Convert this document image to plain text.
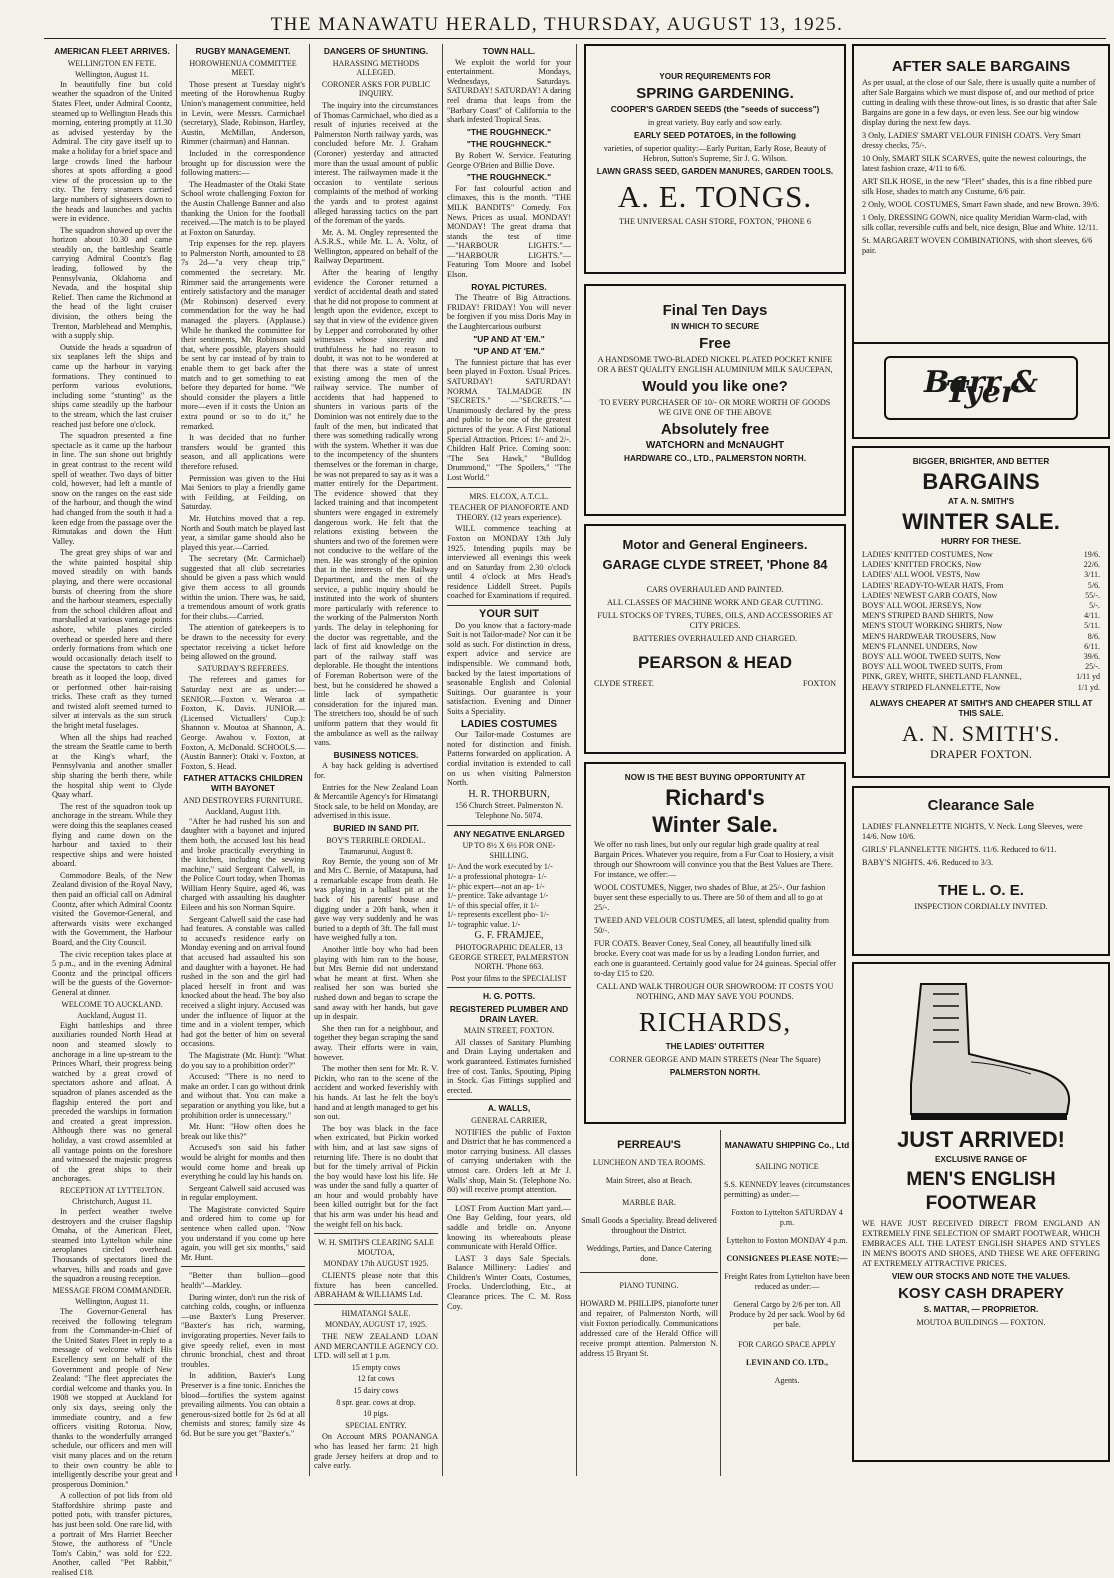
THE MANAWATU HERALD, THURSDAY, AUGUST 13, 1925.
AMERICAN FLEET ARRIVES.
WELLINGTON EN FETE.
Wellington, August 11.

In beautifully fine but cold weather the squadron of the United States Fleet, under Admiral Coontz, steamed up to Wellington Heads this morning, entering promptly at 11.30 as advised yesterday by the Admiral. The city gave itself up to make a holiday for a brief space and large crowds lined the harbour shores at spots affording a good view of the procession up to the city. The ferry steamers carried large numbers of sightseers down to the heads and launches and yachts were in evidence.

The squadron showed up over the horizon about 10.30 and came steadily on, the battleship Seattle carrying Admiral Coontz's flag leading, followed by the Pennsylvania, Oklahoma and Nevada, and the hospital ship Relief. Then came the Richmond at the head of the light cruiser division, the others being the Trenton, Marblehead and Memphis, with a supply ship.

Outside the heads a squadron of six seaplanes left the ships and came up the harbour in varying formations. They continued to perform various evolutions, including some "stunting" as the ships came steadily up the harbour to the stream, which the last cruiser reached just before one o'clock.

The squadron presented a fine spectacle as it came up the harbour in line. The sun shone out brightly in great contrast to the recent wild spell of weather. Two days of bitter cold, however, had left a mantle of snow on the ranges on the east side of the harbour, and though the wind had changed from the south it had a keen edge from the passage over the Rimutakas and down the Hutt Valley.

The great grey ships of war and the white painted hospital ship moved steadily on with bands playing, and there were occasional bursts of cheering from the shore and the harbour steamers, especially from the school children afloat and marshalled at various vantage points ashore, while planes circled overhead or speeded here and there orderly formations from which one would occasionally detach itself to cause the spectators to catch their breath as it looped the loop, dived or performed other hair-raising tricks. These craft as they turned and twisted aloft seemed turned to silver at intervals as the sun struck the bright metal fuselages.

When all the ships had reached the stream the Seattle came to berth at the King's wharf, the Pennsylvania and another smaller ship sharing the berth there, while the hospital ship went to Clyde Quay wharf.

The rest of the squadron took up anchorage in the stream. While they were doing this the seaplanes ceased flying and came down on the harbour and taxied to their respective ships and were hoisted aboard.

Commodore Beals, of the New Zealand division of the Royal Navy, then paid an official call on Admiral Coontz, after which Admiral Coontz visited the Governor-General, and afterwards visits were exchanged with the Government, the Harbour Board, and the City Council.

The civic reception takes place at 5 p.m., and in the evening Admiral Coontz and the principal officers will be the guests of the Governor-General at dinner.

WELCOME TO AUCKLAND.
Auckland, August 11.

Eight battleships and three auxiliaries rounded North Head at noon and steamed slowly to anchorage in a line up-stream to the Princes Wharf, their progress being watched by a great crowd of spectators ashore and afloat. A squadron of planes ascended as the flagship entered the port and preceded the warships in formation and created a great impression. Although there was no general holiday, a vast crowd assembled at all vantage points on the foreshore and witnessed the majestic progress of the great ships to their anchorages.

RECEPTION AT LYTTELTON.
Christchurch, August 11.

In perfect weather twelve destroyers and the cruiser flagship Omaha, of the American Fleet, steamed into Lyttelton while nine aeroplanes circled overhead. Thousands of spectators lined the wharves, hills and roads and gave the squadron a rousing reception.

MESSAGE FROM COMMANDER.
Wellington, August 11.

The Governor-General has received the following telegram from the Commander-in-Chief of the United States Fleet in reply to a message of welcome which His Excellency sent on behalf of the Government and people of New Zealand: "The fleet appreciates the cordial welcome and thanks you. In 1908 we stopped at Auckland for only six days, seeing only the immediate country, and a few officers visiting Rotorua. Now, thanks to the wonderfully arranged schedule, our officers and men will visit many places and on the return to their own country be able to intelligently describe your great and prosperous Dominion."

A collection of pot lids from old Staffordshire shrimp paste and potted pots, with transfer pictures, has just been sold. One rare lid, with a portrait of Mrs Harriet Beecher Stowe, the authoress of "Uncle Tom's Cabin," was sold for £22. Another, called "Pet Rabbit," realised £18.

RUGBY MANAGEMENT.
HOROWHENUA COMMITTEE MEET.

Those present at Tuesday night's meeting of the Horowhenua Rugby Union's management committee, held in Levin, were Messrs. Carmichael (secretary), Slade, Robinson, Hartley, Austin, McMillan, Anderson, Rimmer (chairman) and Hannan.

Included in the correspondence brought up for discussion were the following matters:—

The Headmaster of the Otaki State School wrote challenging Foxton for the Austin Challenge Banner and also thanking the Union for the football received.—The match is to be played at Foxton on Saturday.

Trip expenses for the rep. players to Palmerston North, amounted to £8 7s 2d—"a very cheap trip," commented the secretary. Mr. Rimmer said the arrangements were entirely satisfactory and the manager (Mr Robinson) deserved every commendation for the way he had managed the players. (Applause.) While he thanked the committee for their sentiments, Mr. Robinson said that, where possible, players should be sent by car instead of by train to enable them to get back after the match and to get something to eat before they departed for home. "We should consider the players a little more—even if it costs the Union an extra pound or so to do it," he remarked.

It was decided that no further transfers would be granted this season, and all applications were therefore refused.

Permission was given to the Hui Mai Seniors to play a friendly game with Feilding, at Feilding, on Saturday.

Mr. Hutchins moved that a rep. North and South match be played last year, a similar game should also be played this year.—Carried.

The secretary (Mr. Carmichael) suggested that all club secretaries should be given a pass which would give them access to all grounds within the union. There was, he said, a tremendous amount of work gratis for their clubs.—Carried.

The attention of gatekeepers is to be drawn to the necessity for every spectator receiving a ticket before being allowed on the ground.

SATURDAY'S REFEREES.

The referees and games for Saturday next are as under:— SENIOR.—Foxton v. Weraroa at Foxton, K. Davis. JUNIOR.—(Licensed Victuallers' Cup.): Shannon v. Moutoa at Shannon, A. George. Awahou v. Foxton, at Foxton, A. McDonald. SCHOOLS.—(Austin Banner): Otaki v. Foxton, at Foxton, S. Head.

FATHER ATTACKS CHILDREN WITH BAYONET
AND DESTROYERS FURNITURE.
Auckland, August 11th.

"After he had rushed his son and daughter with a bayonet and injured them both, the accused lost his head and broke practically everything in the kitchen, including the sewing machine," said Sergeant Calwell, in the Police Court today, when Thomas William Henry Squire, aged 46, was charged with assaulting his daughter Eileen and his son Norman Squire.

Sergeant Calwell said the case had had features. A constable was called to accused's residence early on Monday evening and on arrival found that accused had assaulted his son and daughter with a bayonet. He had rushed in the son and the girl had placed herself in front and was knocked about the head. The boy also received a slight injury. Accused was under the influence of liquor at the time and in a violent temper, which had got the better of him on several occasions.

The Magistrate (Mr. Hunt): "What do you say to a prohibition order?"

Accused: "There is no need to make an order. I can go without drink and without that. You can make a separation or anything you like, but a prohibition order is unnecessary."

Mr. Hunt: "How often does he break out like this?"

Accused's son said his father would be alright for months and then would come home and break up everything he could lay his hands on.

Sergeant Calwell said accused was in regular employment.

The Magistrate convicted Squire and ordered him to come up for sentence when called upon. "Now you understand if you come up here again, you will get six months," said Mr. Hunt.

"Better than bullion—good health"—Markley.

During winter, don't run the risk of catching colds, coughs, or influenza—use Baxter's Lung Preserver. "Baxter's has rich, warming, invigorating properties. Never fails to give speedy relief, even in most chronic bronchial, chest and throat troubles.

In addition, Baxter's Lung Preserver is a fine tonic. Enriches the blood—fortifies the system against prevailing ailments. You can obtain a generous-sized bottle for 2s 6d at all chemists and stores; family size 4s 6d. But be sure you get "Baxter's."

DANGERS OF SHUNTING.
HARASSING METHODS ALLEGED.
CORONER ASKS FOR PUBLIC INQUIRY.

The inquiry into the circumstances of Thomas Carmichael, who died as a result of injuries received at the Palmerston North railway yards, was concluded before Mr. J. Graham (Coroner) yesterday and attracted more than the usual amount of public interest. The railwaymen made it the occasion to ventilate serious complaints of the method of working the yards and to protest against alleged harassing tactics on the part of the foreman of the yards.

Mr. A. M. Ongley represented the A.S.R.S., while Mr. L. A. Voltz, of Wellington, appeared on behalf of the Railway Department.

After the hearing of lengthy evidence the Coroner returned a verdict of accidental death and stated that he did not propose to comment at length upon the evidence, except to say that in view of the evidence given by Lepper and corroborated by other witnesses whose sincerity and truthfulness he had no reason to doubt, it was not to be wondered at that there was a state of unrest existing among the men of the railway service. The number of accidents that had happened to shunters in various parts of the Dominion was not entirely due to the fault of the men, but indicated that there was something radically wrong with the system. Whether it was due to the incompetency of the shunters themselves or the foreman in charge, he was not prepared to say as it was a matter entirely for the Department. The evidence showed that they lacked training and that incompetent shunters were engaged in extremely dangerous work. He felt that the relations existing between the shunters and two of the foremen were not conducive to the welfare of the men. He was strongly of the opinion that in the interests of the Railway Department, and the men of the service, a public inquiry should be instituted into the work of shunters more particularly with reference to the working of the Palmerston North yards. The delay in telephoning for the doctor was regrettable, and the lack of first aid knowledge on the part of the railway staff was deplorable. He thought the intentions of Foreman Robertson were of the best, but he considered he showed a little lack of sympathetic consideration for the injured man. The stretchers too, should be of such uniform pattern that they would fit the ambulance as well as the railway vans.

BUSINESS NOTICES.

A bay hack gelding is advertised for.

Entries for the New Zealand Loan & Mercantile Agency's for Himatangi Stock sale, to be held on Monday, are advertised in this issue.

BURIED IN SAND PIT.
BOY'S TERRIBLE ORDEAL.
Taumarunui, August 8.

Roy Bernie, the young son of Mr and Mrs C. Bernie, of Matapuna, had a remarkable escape from death. He was playing in a ballast pit at the back of his parents' house and digging under a 20ft bank, when it gave way very suddenly and he was buried to a depth of 3ft. The fall must have weighed fully a ton.

Another little boy who had been playing with him ran to the house, but Mrs Bernie did not understand what he meant at first. When she realised her son was buried she rushed down and began to scrape the sand away with her hands, but gave up in despair.

She then ran for a neighbour, and together they began scraping the sand away. Their efforts were in vain, however.

The mother then sent for Mr. R. V. Pickin, who ran to the scene of the accident and worked feverishly with his hands. At last he felt the boy's hand and at length managed to get his son out.

The boy was black in the face when extricated, but Pickin worked with him, and at last saw signs of returning life. There is no doubt that but for the timely arrival of Pickin the boy would have lost his life. He was under the sand fully a quarter of an hour and would probably have been killed outright but for the fact that his arm was under his head and the weight fell on his back.

W. H. SMITH'S CLEARING SALE MOUTOA,
MONDAY 17th AUGUST 1925.

CLIENTS please note that this fixture has been cancelled. ABRAHAM & WILLIAMS Ltd.

HIMATANGI SALE.
MONDAY, AUGUST 17, 1925.

THE NEW ZEALAND LOAN AND MERCANTILE AGENCY CO. LTD. will sell at 1 p.m.

15 empty cows
12 fat cows
15 dairy cows
8 spr. gear. cows at drop.
10 pigs.
SPECIAL ENTRY.

On Account MRS POANANGA who has leased her farm: 21 high grade Jersey heifers at drop and to calve early.

TOWN HALL.

We exploit the world for your entertainment. Mondays, Wednesdays, Saturdays. SATURDAY! SATURDAY! A daring reel drama that leaps from the "Barbary Coast" of California to the shark infested Tropical Seas.

"THE ROUGHNECK."
"THE ROUGHNECK."

By Robert W. Service. Featuring George O'Brien and Billie Dove.

"THE ROUGHNECK."

For fast colourful action and climaxes, this is the month. "THE MILK BANDITS" Comedy. Fox News. Prices as usual. MONDAY! MONDAY! The great drama that stands the test of time —"HARBOUR LIGHTS."— —"HARBOUR LIGHTS."— Featuring Tom Moore and Isobel Elson.

ROYAL PICTURES.

The Theatre of Big Attractions. FRIDAY! FRIDAY! You will never be forgiven if you miss Doris May in the Laughtercarious outburst

"UP AND AT 'EM."
"UP AND AT 'EM."

The funniest picture that has ever been played in Foxton. Usual Prices. SATURDAY! SATURDAY! NORMA TALMADGE IN "SECRETS." —"SECRETS."— Unanimously declared by the press and public to be one of the greatest pictures of the year. A First National Special Attraction. Prices: 1/- and 2/-. Children Half Price. Coming soon: "The Sea Hawk," "Bulldog Drummond," "The Spoilers," "The Lost World."

MRS. ELCOX, A.T.C.L.
TEACHER OF PIANOFORTE AND THEORY. (12 years experience).

WILL commence teaching at Foxton on MONDAY 13th July 1925. Intending pupils may be interviewed all evenings this week and on Saturday from 2.30 o'clock until 4 o'clock at Mrs Head's residence Liddell Street. Pupils coached for Examinations if required.

YOUR SUIT

Do you know that a factory-made Suit is not Tailor-made? Nor can it be sold as such. For distinction in dress, expert advice and service are indispensible. We command both, backed by the latest importations of seasonable English and Colonial Suitings. Our guarantee is your satisfaction. Evening and Dinner Suits a Speciality.

LADIES COSTUMES

Our Tailor-made Costumes are noted for distinction and finish. Patterns forwarded on application. A cordial invitation is extended to call on us when visiting Palmerston North.

H. R. THORBURN,
156 Church Street. Palmerston N. Telephone No. 5074.
ANY NEGATIVE ENLARGED
UP TO 8½ X 6½ FOR ONE-SHILLING.
1/- And the work executed by 1/-
1/- a professional photogra- 1/-
1/- phic expert—not an ap- 1/-
1/- prentice. Take advantage 1/-
1/- of this special offer, it 1/-
1/- represents excellent pho- 1/-
1/- tographic value. 1/-
G. F. FRAMJEE,
PHOTOGRAPHIC DEALER, 13 GEORGE STREET, PALMERSTON NORTH. 'Phone 663.
Post your films to the SPECIALIST
H. G. POTTS.
REGISTERED PLUMBER AND DRAIN LAYER.
MAIN STREET, FOXTON.

All classes of Sanitary Plumbing and Drain Laying undertaken and work guaranteed. Estimates furnished free of cost. Tanks, Spouting, Piping in Stock. Gas Fittings supplied and erected.

A. WALLS,
GENERAL CARRIER,

NOTIFIES the public of Foxton and District that he has commenced a motor carrying business. All classes of carrying undertaken with the utmost care. Orders left at Mr J. Walls' shop, Main St. (Telephone No. 80) will receive prompt attention.

LOST From Auction Mart yard.—One Bay Gelding, four years, old saddle and bridle on. Anyone knowing its whereabouts please communicate with Herald Office.

LAST 3 days Sale Specials. Balance Millinery: Ladies' and Children's Winter Coats, Costumes, Frocks. Underclothing, Etc., at Clearance prices. The C. M. Ross Coy.

YOUR REQUIREMENTS FOR

SPRING GARDENING.

COOPER'S GARDEN SEEDS (the "seeds of success")

in great variety. Buy early and sow early.

EARLY SEED POTATOES, in the following

varieties, of superior quality:—Early Puritan, Early Rose, Beauty of Hebron, Sutton's Supreme, Sir J. G. Wilson.

LAWN GRASS SEED, GARDEN MANURES, GARDEN TOOLS.

A. E. TONGS.

THE UNIVERSAL CASH STORE, FOXTON, 'PHONE 6

Final Ten Days

IN WHICH TO SECURE

Free

A HANDSOME TWO-BLADED NICKEL PLATED POCKET KNIFE OR A BEST QUALITY ENGLISH ALUMINIUM MILK SAUCEPAN,

Would you like one?

TO EVERY PURCHASER OF 10/- OR MORE WORTH OF GOODS WE GIVE ONE OF THE ABOVE

Absolutely free

WATCHORN and McNAUGHT

HARDWARE CO., LTD., PALMERSTON NORTH.

Motor and General Engineers.

GARAGE CLYDE STREET, 'Phone 84

CARS OVERHAULED AND PAINTED.

ALL CLASSES OF MACHINE WORK AND GEAR CUTTING.

FULL STOCKS OF TYRES, TUBES, OILS, AND ACCESSORIES AT CITY PRICES.

BATTERIES OVERHAULED AND CHARGED.

PEARSON & HEAD

CLYDE STREET.	FOXTON

NOW IS THE BEST BUYING OPPORTUNITY AT

Richard's

Winter Sale.

We offer no rash lines, but only our regular high grade quality at real Bargain Prices. Whatever you require, from a Fur Coat to Hosiery, a visit through our Showroom will convince you that the Best Values are There. For instance, we offer:—

WOOL COSTUMES, Nigger, two shades of Blue, at 25/-. Our fashion buyer sent these especially to us. There are 50 of them and all to go at 25/-.

TWEED AND VELOUR COSTUMES, all latest, splendid quality from 50/-.

FUR COATS. Beaver Coney, Seal Coney, all beautifully lined silk brocke. Every coat was made for us by a leading London furrier, and each one is guaranteed. Certainly good value for 24 guineas. Special offer to-day £15 to £20.

CALL AND WALK THROUGH OUR SHOWROOM: IT COSTS YOU NOTHING, AND MAY SAVE YOU POUNDS.

RICHARDS,

THE LADIES' OUTFITTER

CORNER GEORGE AND MAIN STREETS (Near The Square)

PALMERSTON NORTH.

PERREAU'S

LUNCHEON AND TEA ROOMS.

Main Street, also at Beach.

MARBLE BAR.

Small Goods a Speciality. Bread delivered throughout the District.

Weddings, Parties, and Dance Catering done.

PIANO TUNING.

HOWARD M. PHILLIPS, pianoforte tuner and repairer, of Palmerston North, will visit Foxton periodically. Communications addressed care of the Herald Office will receive prompt attention. Palmerston N. address 15 Bryant St.

MANAWATU SHIPPING Co., Ltd

SAILING NOTICE

S.S. KENNEDY leaves (circumstances permitting) as under:—

Foxton to Lyttelton SATURDAY 4 p.m.

Lyttelton to Foxton MONDAY 4 p.m.

CONSIGNEES PLEASE NOTE:—

Freight Rates from Lyttelton have been reduced as under:—

General Cargo by 2/6 per ton. All Produce by 2d per sack. Wool by 6d per bale.

FOR CARGO SPACE APPLY

LEVIN AND CO. LTD.,

Agents.

AFTER SALE BARGAINS

As per usual, at the close of our Sale, there is usually quite a number of after Sale Bargains which we must dispose of, and our method of price cutting in dealing with these throw-out lines, is so drastic that after Sale Bargains are gone in a few days, or even less. See our big window display during the next few days.

3 Only, LADIES' SMART VELOUR FINISH COATS. Very Smart dressy checks, 75/-.

10 Only, SMART SILK SCARVES, quite the newest colourings, the latest fashion craze, 4/11 to 6/6.

ART SILK HOSE, in the new "Fleet" shades, this is a fine ribbed pure silk Hose, shades to match any Costume, 6/6 pair.

2 Only, WOOL COSTUMES, Smart Fawn shade, and new Brown. 39/6.

1 Only, DRESSING GOWN, nice quality Meridian Warm-clad, with silk collar, reversible cuffs and belt, nice design, Blue and White. 12/11.

St. MARGARET WOVEN COMBINATIONS, with short sleeves, 6/6 pair.

Barr & Tyer

BIGGER, BRIGHTER, AND BETTER

BARGAINS

AT A. N. SMITH'S

WINTER SALE.

HURRY FOR THESE.

LADIES' KNITTED COSTUMES, Now	19/6.
LADIES' KNITTED FROCKS, Now	22/6.
LADIES' ALL WOOL VESTS, Now	3/11.
LADIES' READY-TO-WEAR HATS, From	5/6.
LADIES' NEWEST GARB COATS, Now	55/-.
BOYS' ALL WOOL JERSEYS, Now	5/-.
MEN'S STRIPED BAND SHIRTS, Now	4/11.
MEN'S STOUT WORKING SHIRTS, Now	5/11.
MEN'S HARDWEAR TROUSERS, Now	8/6.
MEN'S FLANNEL UNDERS, Now	6/11.
BOYS' ALL WOOL TWEED SUITS, Now	39/6.
BOYS' ALL WOOL TWEED SUITS, From	25/-.
PINK, GREY, WHITE, SHETLAND FLANNEL,	1/11 yd
HEAVY STRIPED FLANNELETTE, Now	1/1 yd.

ALWAYS CHEAPER AT SMITH'S AND CHEAPER STILL AT THIS SALE.

A. N. SMITH'S.

DRAPER FOXTON.

Clearance Sale

LADIES' FLANNELETTE NIGHTS, V. Neck. Long Sleeves, were 14/6. Now 10/6.

GIRLS' FLANNELETTE NIGHTS. 11/6. Reduced to 6/11.

BABY'S NIGHTS. 4/6. Reduced to 3/3.

THE L. O. E.

INSPECTION CORDIALLY INVITED.

JUST ARRIVED!

EXCLUSIVE RANGE OF

MEN'S ENGLISH FOOTWEAR

WE HAVE JUST RECEIVED DIRECT FROM ENGLAND AN EXTREMELY FINE SELECTION OF SMART FOOTWEAR, WHICH EMBRACES ALL THE LATEST ENGLISH SHAPES AND STYLES IN MEN'S BOOTS AND SHOES, AND THESE WE ARE OFFERING AT EXTREMELY ATTRACTIVE PRICES.

VIEW OUR STOCKS AND NOTE THE VALUES.

KOSY CASH DRAPERY

S. MATTAR, — PROPRIETOR.

MOUTOA BUILDINGS — FOXTON.
